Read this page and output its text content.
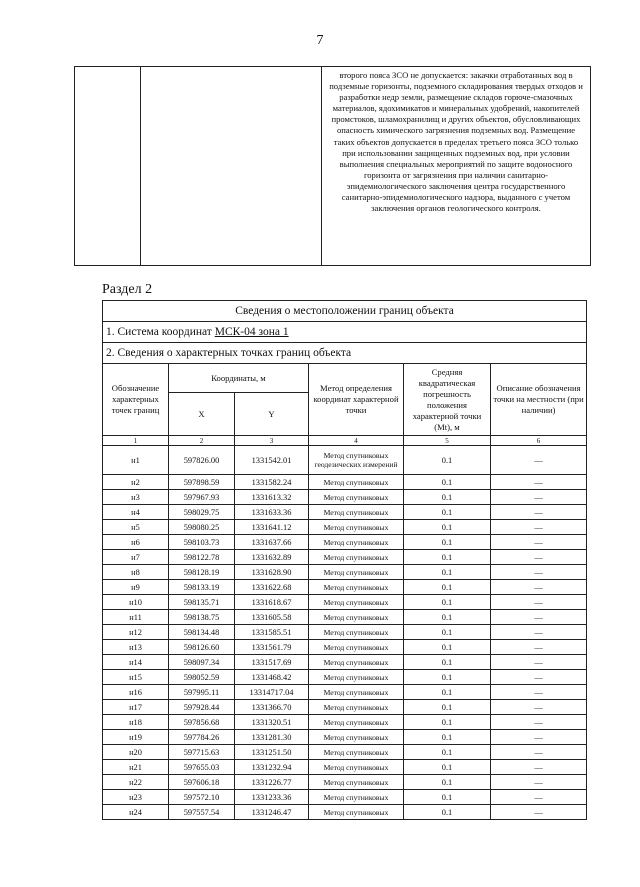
7
		второго пояса ЗСО не допускается: закачки отработанных вод в подземные горизонты, подземного складирования твердых отходов и разработки недр земли, размещение складов горюче-смазочных материалов, ядохимикатов и минеральных удобрений, накопителей промстоков, шламохранилищ и других объектов, обусловливающих опасность химического загрязнения подземных вод. Размещение таких объектов допускается в пределах третьего пояса ЗСО только при использовании защищенных подземных вод, при условии выполнения специальных мероприятий по защите водоносного горизонта от загрязнения при наличии санитарно-эпидемиологического заключения центра государственного санитарно-эпидемиологического надзора, выданного с учетом заключения органов геологического контроля.
Раздел 2
Сведения о местоположении границ объекта					
1. Система координат МСК-04 зона 1					
2. Сведения о характерных точках границ объекта					
Обозначение характерных точек границ	Координаты, м		Метод определения координат характерной точки	Средняя квадратическая погрешность положения характерной точки (Mt), м	Описание обозначения точки на местности (при наличии)
	X	Y			
1	2	3	4	5	6
н1	597826.00	1331542.01	Метод спутниковых геодезических измерений	0.1	—
н2	597898.59	1331582.24	Метод спутниковых	0.1	—
н3	597967.93	1331613.32	Метод спутниковых	0.1	—
н4	598029.75	1331633.36	Метод спутниковых	0.1	—
н5	598080.25	1331641.12	Метод спутниковых	0.1	—
н6	598103.73	1331637.66	Метод спутниковых	0.1	—
н7	598122.78	1331632.89	Метод спутниковых	0.1	—
н8	598128.19	1331628.90	Метод спутниковых	0.1	—
н9	598133.19	1331622.68	Метод спутниковых	0.1	—
н10	598135.71	1331618.67	Метод спутниковых	0.1	—
н11	598138.75	1331605.58	Метод спутниковых	0.1	—
н12	598134.48	1331585.51	Метод спутниковых	0.1	—
н13	598126.60	1331561.79	Метод спутниковых	0.1	—
н14	598097.34	1331517.69	Метод спутниковых	0.1	—
н15	598052.59	1331468.42	Метод спутниковых	0.1	—
н16	597995.11	13314717.04	Метод спутниковых	0.1	—
н17	597928.44	1331366.70	Метод спутниковых	0.1	—
н18	597856.68	1331320.51	Метод спутниковых	0.1	—
н19	597784.26	1331281.30	Метод спутниковых	0.1	—
н20	597715.63	1331251.50	Метод спутниковых	0.1	—
н21	597655.03	1331232.94	Метод спутниковых	0.1	—
н22	597606.18	1331226.77	Метод спутниковых	0.1	—
н23	597572.10	1331233.36	Метод спутниковых	0.1	—
н24	597557.54	1331246.47	Метод спутниковых	0.1	—
